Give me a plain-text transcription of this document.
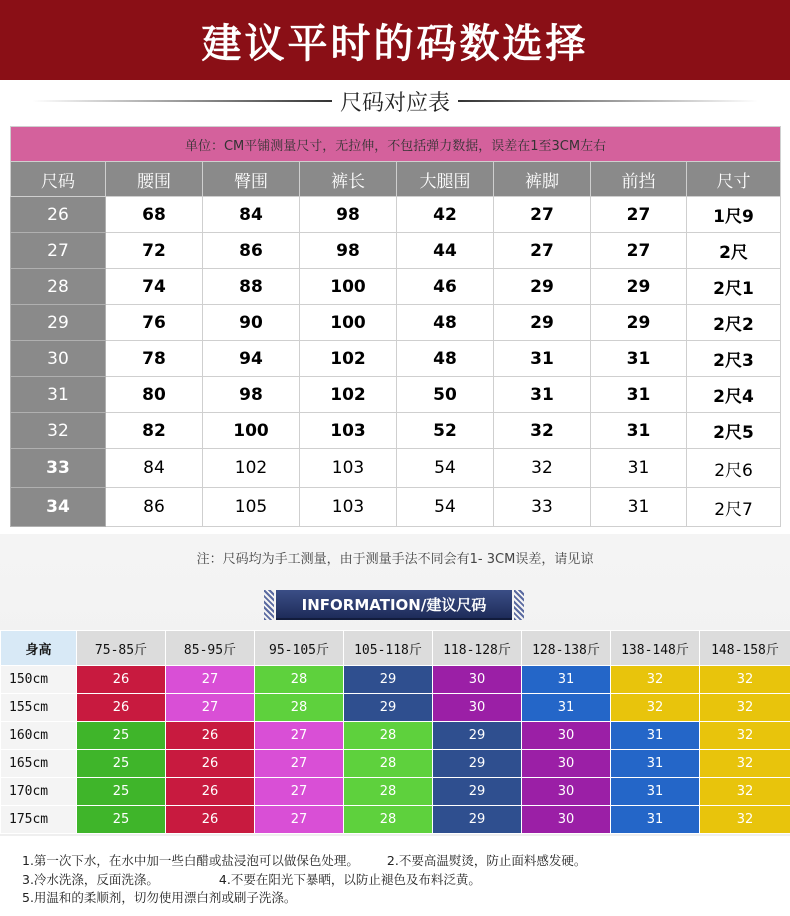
建议平时的码数选择
尺码对应表
单位：CM平铺测量尺寸，无拉伸，不包括弹力数据，误差在1至3CM左右							
尺码	腰围	臀围	裤长	大腿围	裤脚	前挡	尺寸
26	68	84	98	42	27	27	1尺9
27	72	86	98	44	27	27	2尺
28	74	88	100	46	29	29	2尺1
29	76	90	100	48	29	29	2尺2
30	78	94	102	48	31	31	2尺3
31	80	98	102	50	31	31	2尺4
32	82	100	103	52	32	31	2尺5
33	84	102	103	54	32	31	2尺6
34	86	105	103	54	33	31	2尺7
注：尺码均为手工测量，由于测量手法不同会有1- 3CM误差，请见谅
INFORMATION/建议尺码
身高	75-85斤	85-95斤	95-105斤	105-118斤	118-128斤	128-138斤	138-148斤	148-158斤
150cm	26	27	28	29	30	31	32	32
155cm	26	27	28	29	30	31	32	32
160cm	25	26	27	28	29	30	31	32
165cm	25	26	27	28	29	30	31	32
170cm	25	26	27	28	29	30	31	32
175cm	25	26	27	28	29	30	31	32
1.第一次下水，在水中加一些白醋或盐浸泡可以做保色处理。 2.不要高温熨烫，防止面料感发硬。
3.冷水洗涤，反面洗涤。	4.不要在阳光下暴晒，以防止褪色及布料泛黄。
5.用温和的柔顺剂，切勿使用漂白剂或刷子洗涤。
